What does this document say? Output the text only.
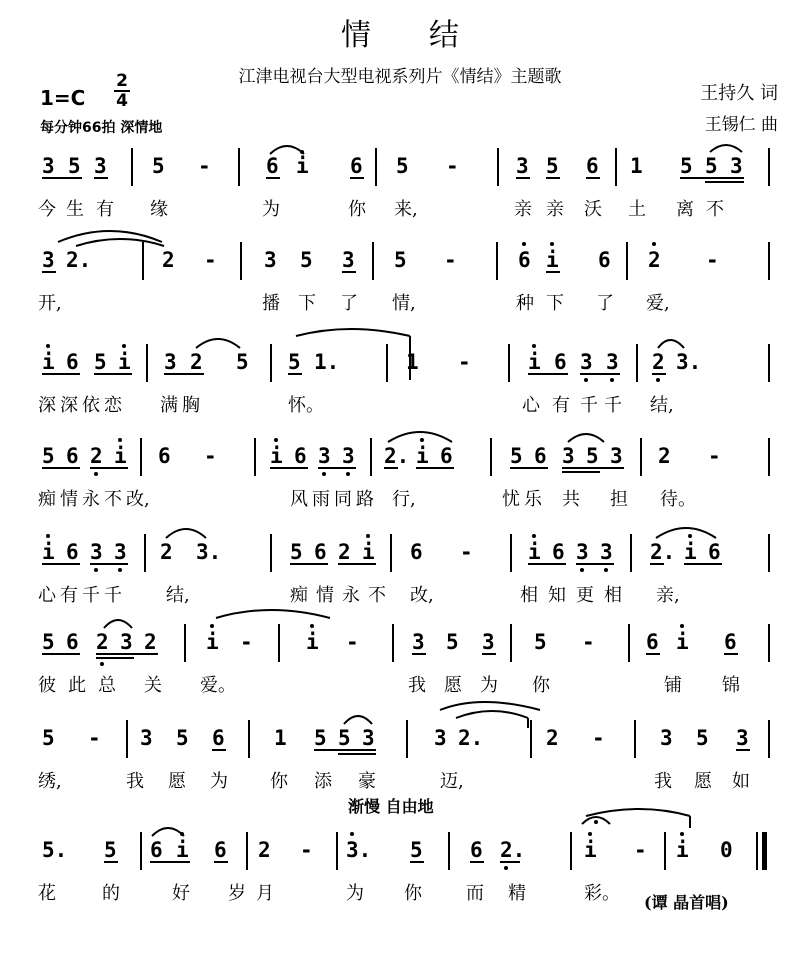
情结
江津电视台大型电视系列片《情结》主题歌
王持久 词
王锡仁 曲
1=C
2
4
每分钟66拍 深情地
3 5 3 5 -	6 i 6 5 -	3 5 6 1 5 5 3
今 生 有 缘	为	你 来,	亲 亲 沃 土 离 不
3 2.	2 - 3 5 3 5 -	6 i 6 2 -
开,	播 下 了 情,	种 下 了 爱,
i 6 5 i 3 2 5 5 1.	1 -	i 6 3 3 2 3.
深 深 依 恋 满 胸	怀。	心 有 千 千 结,
5 6 2 i 6 -	i 6 3 3 2. i 6	5 6 3 5 3 2 -
痴 情 永 不 改,	风 雨 同 路 行,	忧 乐 共 担 待。
i 6 3 3 2 3.	5 6 2 i 6 -	i 6 3 3 2. i 6
心 有 千 千 结,	痴 情 永 不 改,	相 知 更 相 亲,
5 6 2 3 2 i -	i -	3 5 3 5 - 6 i 6
彼 此 总 关 爱。	我 愿 为 你	铺 锦
5 - 3 5 6 1 5 5 3	3 2.	2 -	3 5 3
绣,	我 愿 为 你 添 豪	迈,	我 愿 如
渐慢 自由地
5. 5 6 i 6 2 - 3. 5 6 2.	i - i 0
花	的	好 岁 月	为 你 而 精	彩。 (谭 晶首唱)
